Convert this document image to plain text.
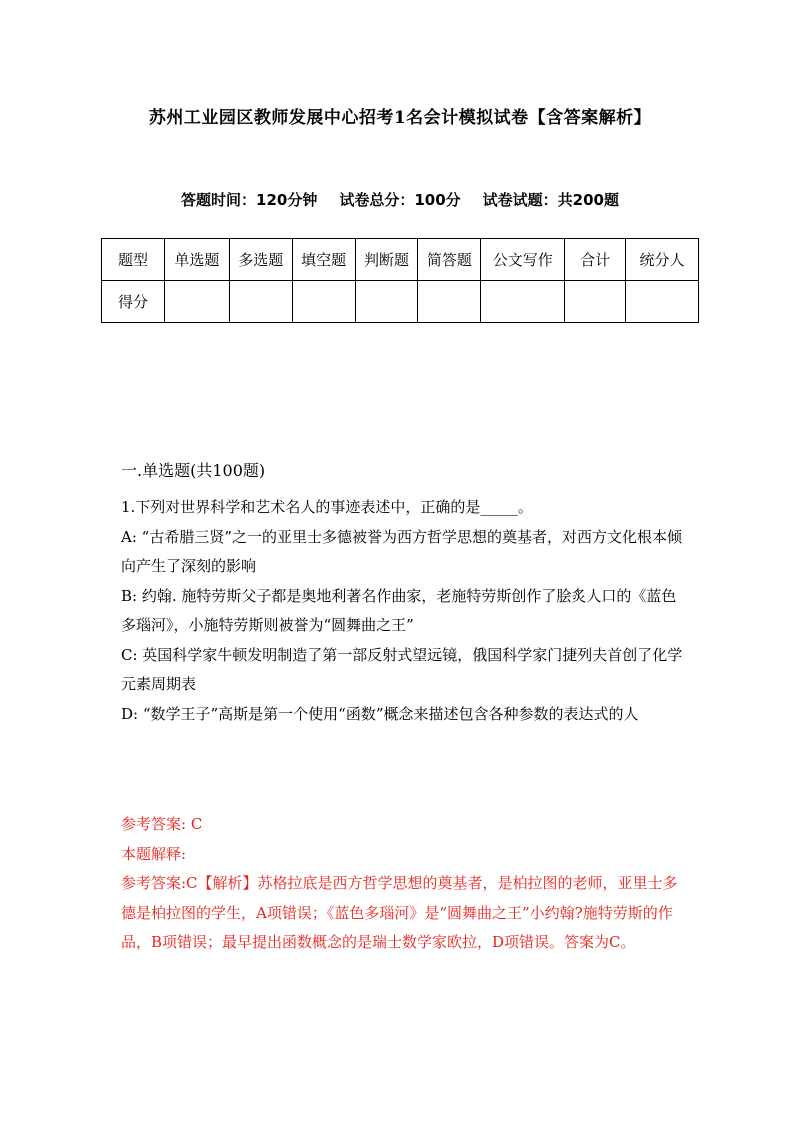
苏州工业园区教师发展中心招考1名会计模拟试卷【含答案解析】
答题时间：120分钟 试卷总分：100分 试卷试题：共200题
题型	单选题	多选题	填空题	判断题	简答题	公文写作	合计	统分人
得分								
一.单选题(共100题)

1.下列对世界科学和艺术名人的事迹表述中，正确的是_____。

A: “古希腊三贤”之一的亚里士多德被誉为西方哲学思想的奠基者，对西方文化根本倾向产生了深刻的影响

B: 约翰. 施特劳斯父子都是奥地利著名作曲家，老施特劳斯创作了脍炙人口的《蓝色多瑙河》，小施特劳斯则被誉为“圆舞曲之王”

C: 英国科学家牛顿发明制造了第一部反射式望远镜，俄国科学家门捷列夫首创了化学元素周期表

D: “数学王子”高斯是第一个使用“函数”概念来描述包含各种参数的表达式的人

参考答案: C

本题解释:

参考答案:C【解析】苏格拉底是西方哲学思想的奠基者，是柏拉图的老师，亚里士多德是柏拉图的学生，A项错误；《蓝色多瑙河》是“圆舞曲之王”小约翰?施特劳斯的作品，B项错误；最早提出函数概念的是瑞士数学家欧拉，D项错误。答案为C。
